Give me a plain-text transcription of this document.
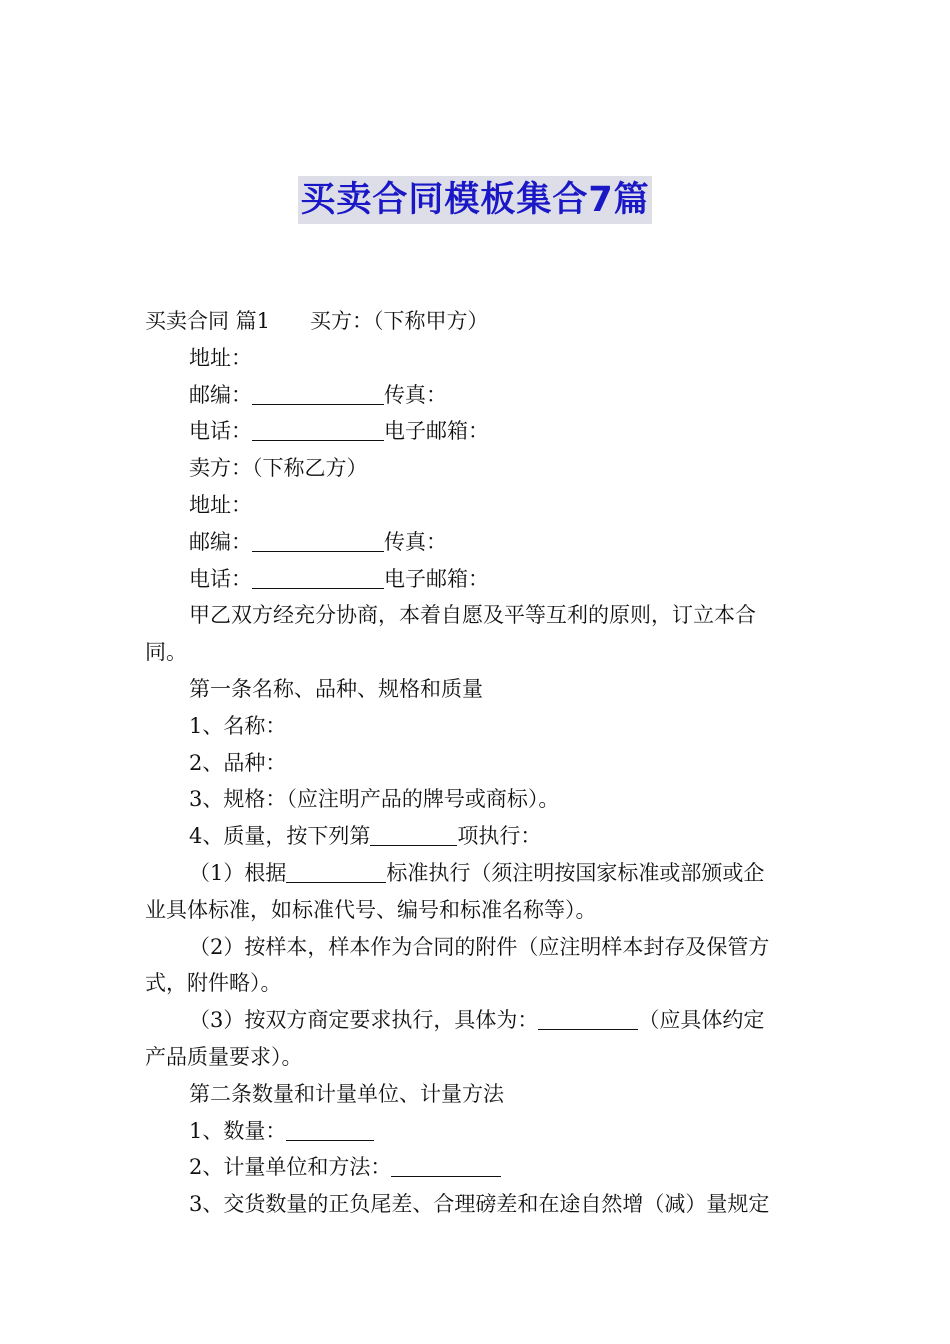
买卖合同模板集合7篇
买卖合同 篇1 买方：（下称甲方）
地址：
邮编：	传真：
电话：	电子邮箱：
卖方：（下称乙方）
地址：
邮编：	传真：
电话：	电子邮箱：
甲乙双方经充分协商，本着自愿及平等互利的原则，订立本合
同。
第一条名称、品种、规格和质量
1、名称：
2、品种：
3、规格：（应注明产品的牌号或商标）。
4、质量，按下列第	项执行：
（1）根据	标准执行（须注明按国家标准或部颁或企
业具体标准，如标准代号、编号和标准名称等）。
（2）按样本，样本作为合同的附件（应注明样本封存及保管方
式，附件略）。
（3）按双方商定要求执行，具体为：	（应具体约定
产品质量要求）。
第二条数量和计量单位、计量方法
1、数量：
2、计量单位和方法：
3、交货数量的正负尾差、合理磅差和在途自然增（减）量规定
